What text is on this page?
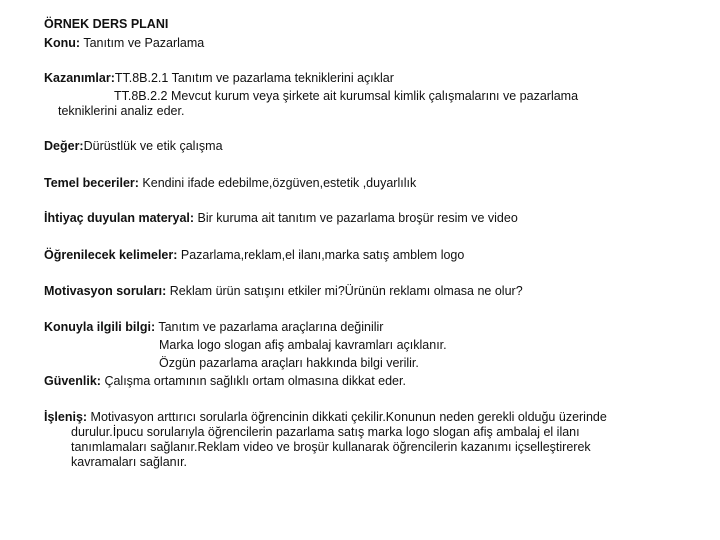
ÖRNEK DERS PLANI
Konu: Tanıtım ve Pazarlama
Kazanımlar:TT.8B.2.1 Tanıtım ve pazarlama tekniklerini açıklar
TT.8B.2.2 Mevcut kurum veya şirkete ait kurumsal kimlik çalışmalarını ve pazarlama
tekniklerini analiz eder.
Değer:Dürüstlük ve etik çalışma
Temel beceriler: Kendini ifade edebilme,özgüven,estetik ,duyarlılık
İhtiyaç duyulan materyal: Bir kuruma ait tanıtım ve pazarlama broşür resim ve video
Öğrenilecek kelimeler: Pazarlama,reklam,el ilanı,marka satış amblem logo
Motivasyon soruları: Reklam ürün satışını etkiler mi?Ürünün reklamı olmasa ne olur?
Konuyla ilgili bilgi: Tanıtım ve pazarlama araçlarına değinilir
Marka logo slogan afiş ambalaj kavramları açıklanır.
Özgün pazarlama araçları hakkında bilgi verilir.
Güvenlik: Çalışma ortamının sağlıklı ortam olmasına dikkat eder.
İşleniş: Motivasyon arttırıcı sorularla öğrencinin dikkati çekilir.Konunun neden gerekli olduğu üzerinde
durulur.İpucu sorularıyla öğrencilerin pazarlama satış marka logo slogan afiş ambalaj el ilanı
tanımlamaları sağlanır.Reklam video ve broşür kullanarak öğrencilerin kazanımı içselleştirerek
kavramaları sağlanır.
